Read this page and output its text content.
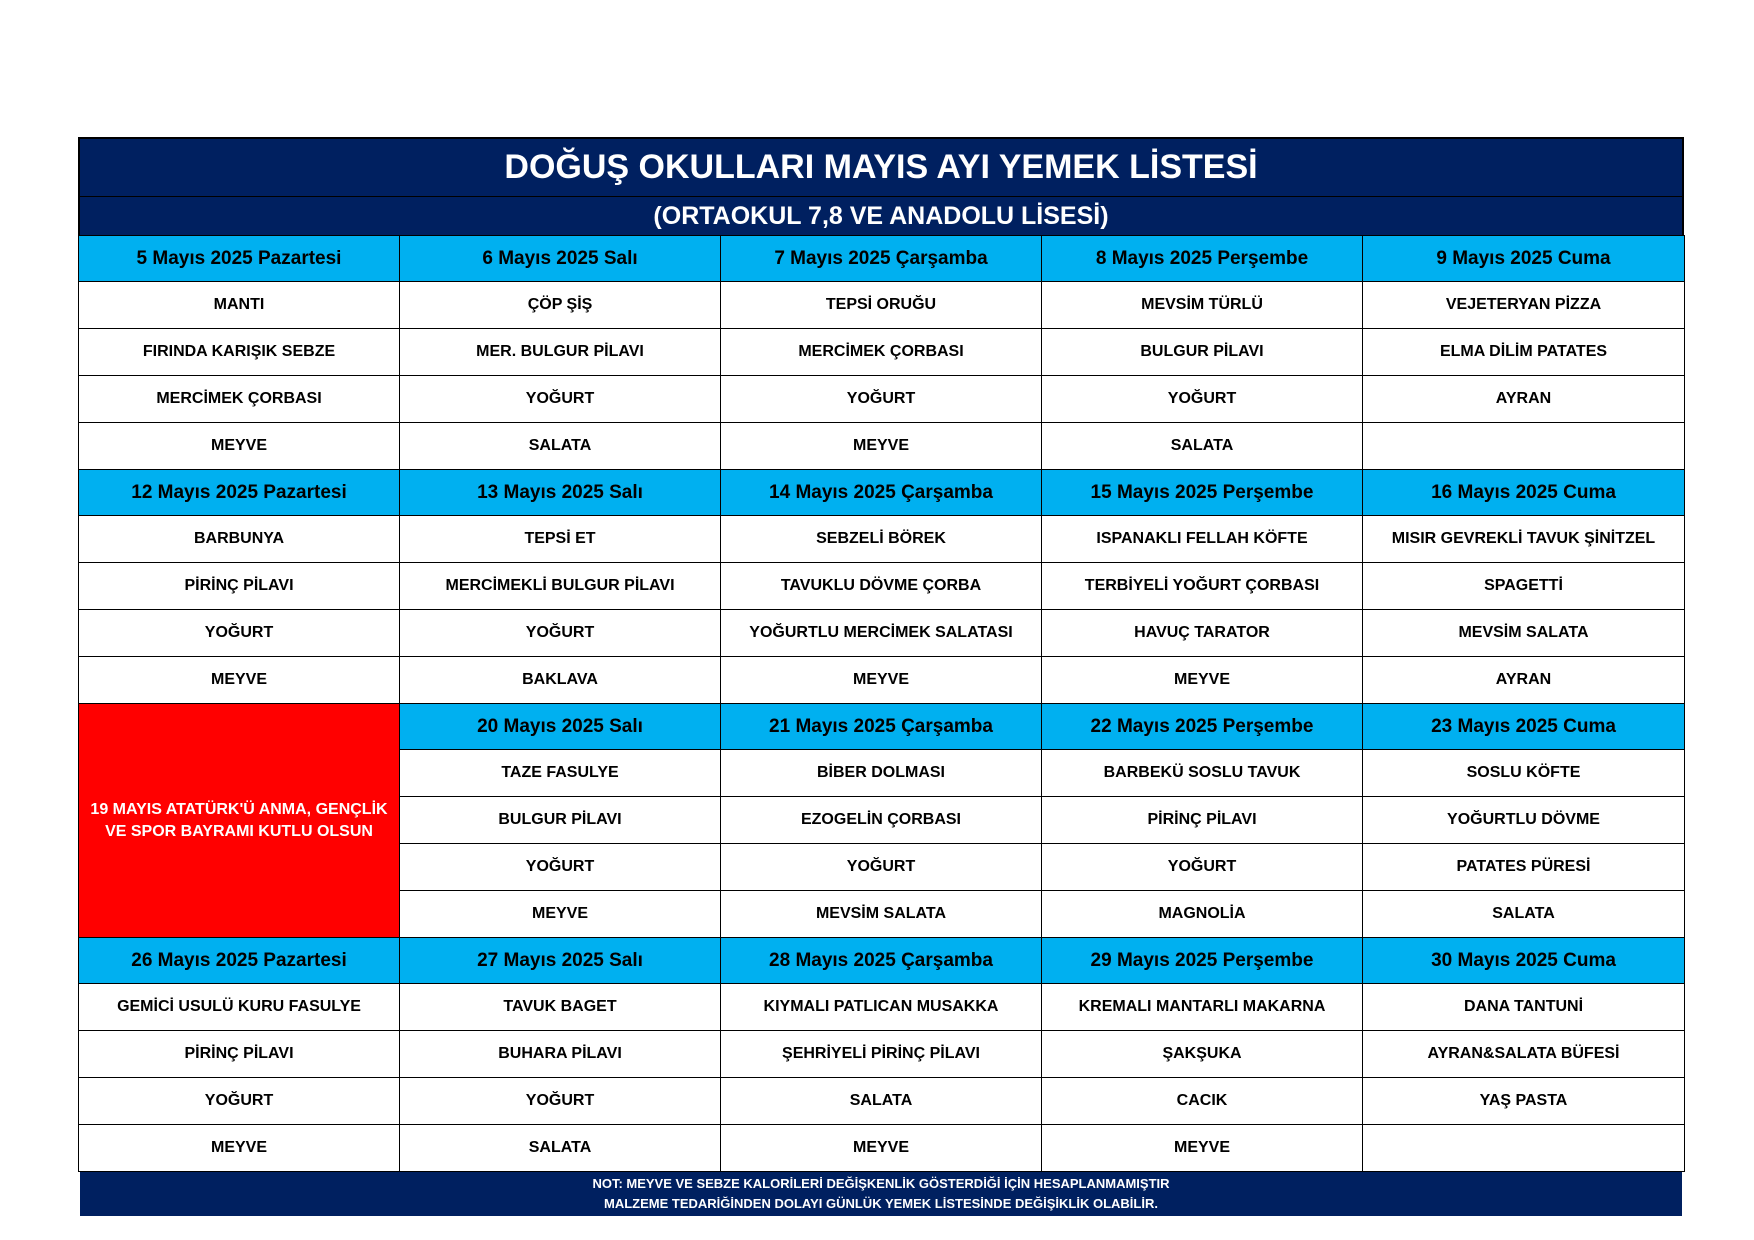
DOĞUŞ OKULLARI MAYIS AYI YEMEK LİSTESİ
(ORTAOKUL 7,8 VE ANADOLU LİSESİ)
5 Mayıs 2025 Pazartesi	6 Mayıs 2025 Salı	7 Mayıs 2025 Çarşamba	8 Mayıs 2025 Perşembe	9 Mayıs 2025 Cuma
MANTI	ÇÖP ŞİŞ	TEPSİ ORUĞU	MEVSİM TÜRLÜ	VEJETERYAN PİZZA
FIRINDA KARIŞIK SEBZE	MER. BULGUR PİLAVI	MERCİMEK ÇORBASI	BULGUR PİLAVI	ELMA DİLİM PATATES
MERCİMEK ÇORBASI	YOĞURT	YOĞURT	YOĞURT	AYRAN
MEYVE	SALATA	MEYVE	SALATA	
12 Mayıs 2025 Pazartesi	13 Mayıs 2025 Salı	14 Mayıs 2025 Çarşamba	15 Mayıs 2025 Perşembe	16 Mayıs 2025 Cuma
BARBUNYA	TEPSİ ET	SEBZELİ BÖREK	ISPANAKLI FELLAH KÖFTE	MISIR GEVREKLİ TAVUK ŞİNİTZEL
PİRİNÇ PİLAVI	MERCİMEKLİ BULGUR PİLAVI	TAVUKLU DÖVME ÇORBA	TERBİYELİ YOĞURT ÇORBASI	SPAGETTİ
YOĞURT	YOĞURT	YOĞURTLU MERCİMEK SALATASI	HAVUÇ TARATOR	MEVSİM SALATA
MEYVE	BAKLAVA	MEYVE	MEYVE	AYRAN
19 MAYIS ATATÜRK'Ü ANMA, GENÇLİK VE SPOR BAYRAMI KUTLU OLSUN	20 Mayıs 2025 Salı	21 Mayıs 2025 Çarşamba	22 Mayıs 2025 Perşembe	23 Mayıs 2025 Cuma
	TAZE FASULYE	BİBER DOLMASI	BARBEKÜ SOSLU TAVUK	SOSLU KÖFTE
	BULGUR PİLAVI	EZOGELİN ÇORBASI	PİRİNÇ PİLAVI	YOĞURTLU DÖVME
	YOĞURT	YOĞURT	YOĞURT	PATATES PÜRESİ
	MEYVE	MEVSİM SALATA	MAGNOLİA	SALATA
26 Mayıs 2025 Pazartesi	27 Mayıs 2025 Salı	28 Mayıs 2025 Çarşamba	29 Mayıs 2025 Perşembe	30 Mayıs 2025 Cuma
GEMİCİ USULÜ KURU FASULYE	TAVUK BAGET	KIYMALI PATLICAN MUSAKKA	KREMALI MANTARLI MAKARNA	DANA TANTUNİ
PİRİNÇ PİLAVI	BUHARA PİLAVI	ŞEHRİYELİ PİRİNÇ PİLAVI	ŞAKŞUKA	AYRAN&SALATA BÜFESİ
YOĞURT	YOĞURT	SALATA	CACIK	YAŞ PASTA
MEYVE	SALATA	MEYVE	MEYVE	
NOT: MEYVE VE SEBZE KALORİLERİ DEĞİŞKENLİK GÖSTERDİĞİ İÇİN HESAPLANMAMIŞTIR
MALZEME TEDARİĞİNDEN DOLAYI GÜNLÜK YEMEK LİSTESİNDE DEĞİŞİKLİK OLABİLİR.
